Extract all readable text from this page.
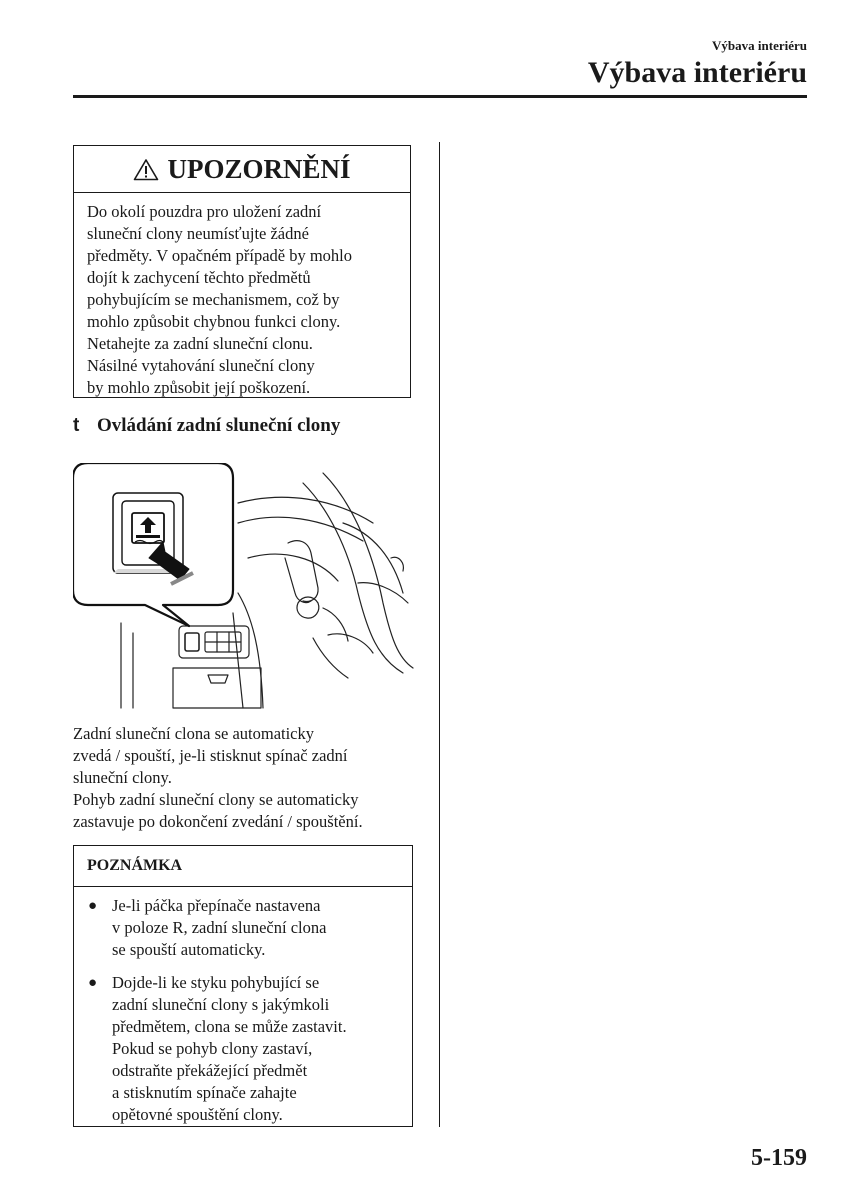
Výbava interiéru
Výbava interiéru
UPOZORNĚNÍ
Do okolí pouzdra pro uložení zadní
sluneční clony neumísťujte žádné
předměty. V opačném případě by mohlo
dojít k zachycení těchto předmětů
pohybujícím se mechanismem, což by
mohlo způsobit chybnou funkci clony.
Netahejte za zadní sluneční clonu.
Násilné vytahování sluneční clony
by mohlo způsobit její poškození.
t Ovládání zadní sluneční clony
Zadní sluneční clona se automaticky
zvedá / spouští, je-li stisknut spínač zadní
sluneční clony.
Pohyb zadní sluneční clony se automaticky
zastavuje po dokončení zvedání / spouštění.
POZNÁMKA
● Je-li páčka přepínače nastavena
v poloze R, zadní sluneční clona
se spouští automaticky.
● Dojde-li ke styku pohybující se
zadní sluneční clony s jakýmkoli
předmětem, clona se může zastavit.
Pokud se pohyb clony zastaví,
odstraňte překážející předmět
a stisknutím spínače zahajte
opětovné spouštění clony.
5-159
